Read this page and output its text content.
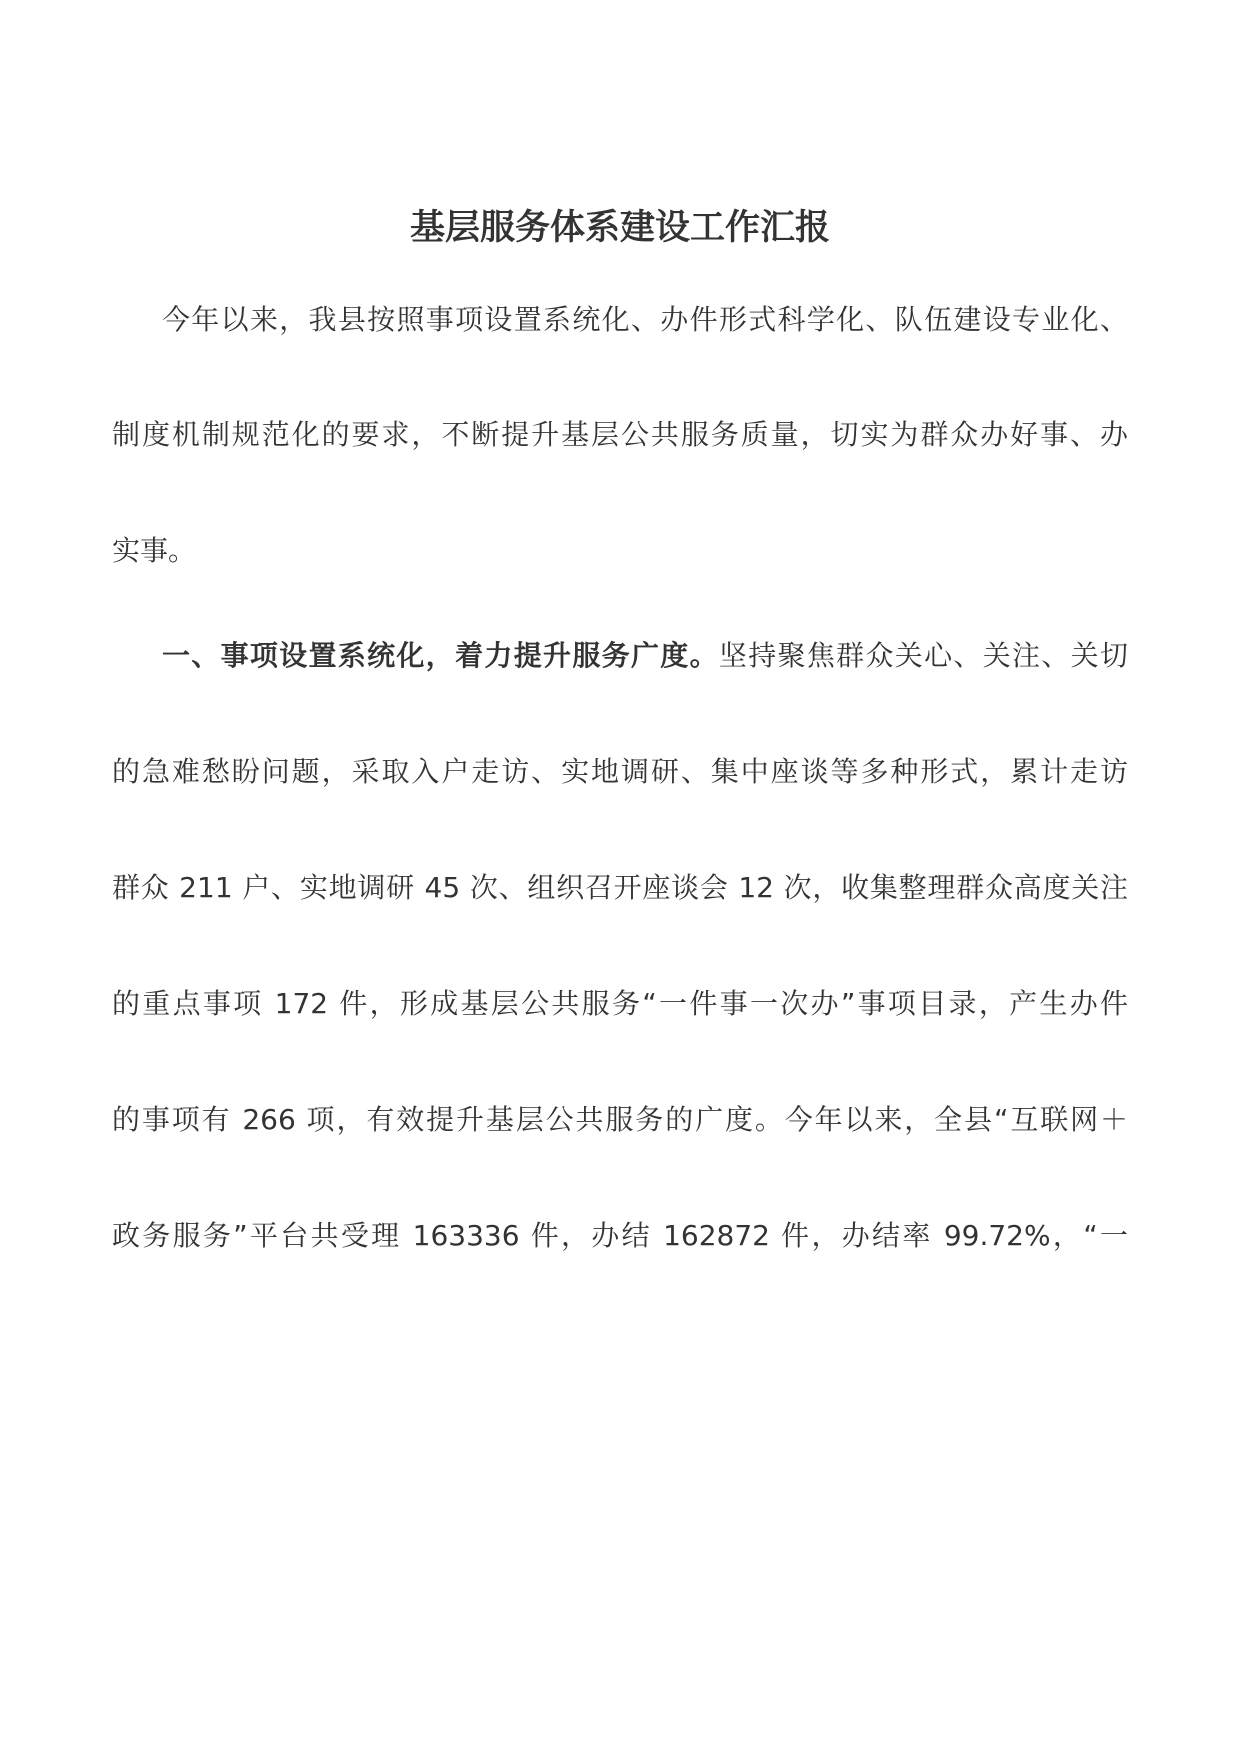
基层服务体系建设工作汇报
今年以来，我县按照事项设置系统化、办件形式科学化、队伍建设专业化、
制度机制规范化的要求，不断提升基层公共服务质量，切实为群众办好事、办
实事。
一、事项设置系统化，着力提升服务广度。坚持聚焦群众关心、关注、关切
的急难愁盼问题，采取入户走访、实地调研、集中座谈等多种形式，累计走访
群众 211 户、实地调研 45 次、组织召开座谈会 12 次，收集整理群众高度关注
的重点事项 172 件，形成基层公共服务“一件事一次办”事项目录，产生办件
的事项有 266 项，有效提升基层公共服务的广度。今年以来，全县“互联网＋
政务服务”平台共受理 163336 件，办结 162872 件，办结率 99.72%，“一
